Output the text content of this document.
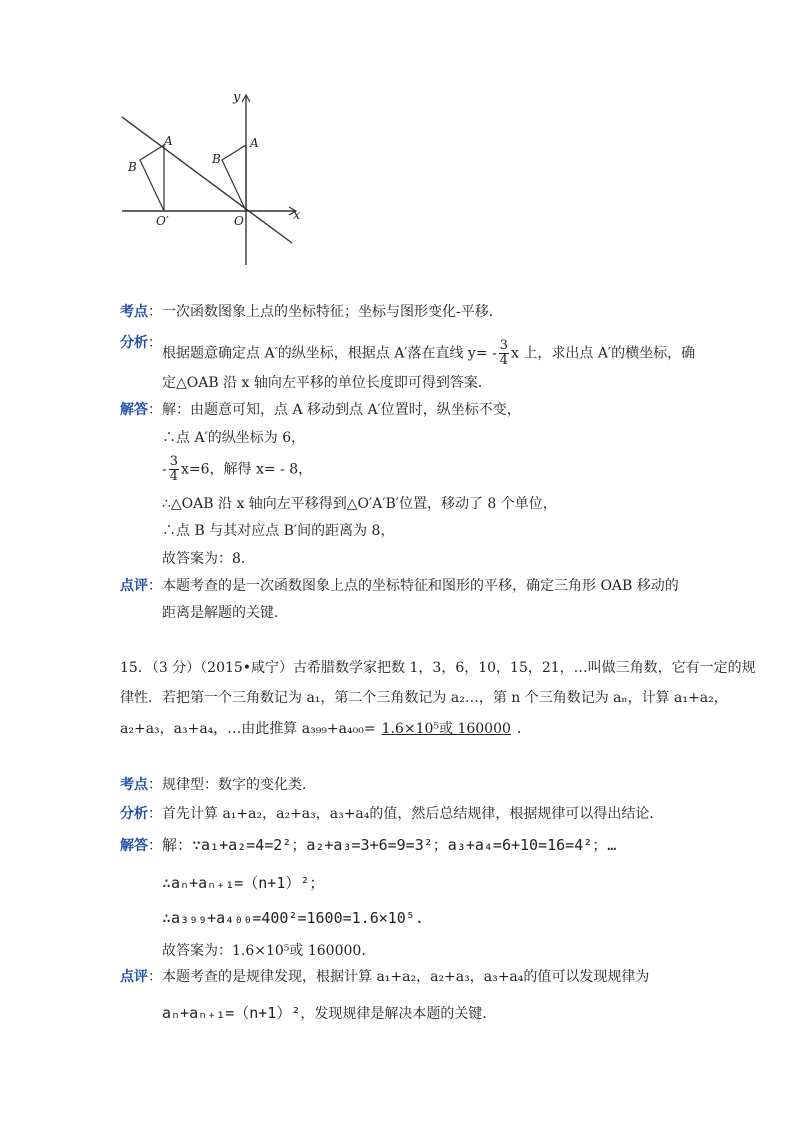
y
x
A
B
O′
A
B
O
考点：一次函数图象上点的坐标特征；坐标与图形变化-平移．
分析：
根据题意确定点 A′的纵坐标，根据点 A′落在直线 $y= - \frac{3}{4}$ x 上，求出点 A′的横坐标，确
定△OAB 沿 x 轴向左平移的单位长度即可得到答案．
解答：解：由题意可知，点 A 移动到点 A′位置时，纵坐标不变，
∴点 A′的纵坐标为 6，
- $\frac{3}{4} x=6$，解得 x= - 8，
∴△OAB 沿 x 轴向左平移得到△O′A′B′位置，移动了 8 个单位，
∴点 B 与其对应点 B′间的距离为 8，
故答案为：8．
点评：本题考查的是一次函数图象上点的坐标特征和图形的平移，确定三角形 OAB 移动的
距离是解题的关键．
15．（3 分）（2015•咸宁）古希腊数学家把数 1，3，6，10，15，21，…叫做三角数，它有一定的规
律性．若把第一个三角数记为 a₁，第二个三角数记为 a₂…，第 n 个三角数记为 aₙ，计算 a₁+a₂，
a₂+a₃，a₃+a₄，…由此推算 a₃₉₉+a₄₀₀= 1.6×10⁵或 160000 ．
考点：规律型：数字的变化类．
分析：首先计算 a₁+a₂，a₂+a₃，a₃+a₄的值，然后总结规律，根据规律可以得出结论．
解答：解：∵a₁+a₂=4=2²；a₂+a₃=3+6=9=3²；a₃+a₄=6+10=16=4²；…
∴aₙ+aₙ₊₁=（n+1）²；
∴a₃₉₉+a₄₀₀=400²=1600=1.6×10⁵.
故答案为：1.6×10⁵或 160000．
点评：本题考查的是规律发现，根据计算 a₁+a₂，a₂+a₃，a₃+a₄的值可以发现规律为
aₙ+aₙ₊₁=（n+1）²，发现规律是解决本题的关键．
